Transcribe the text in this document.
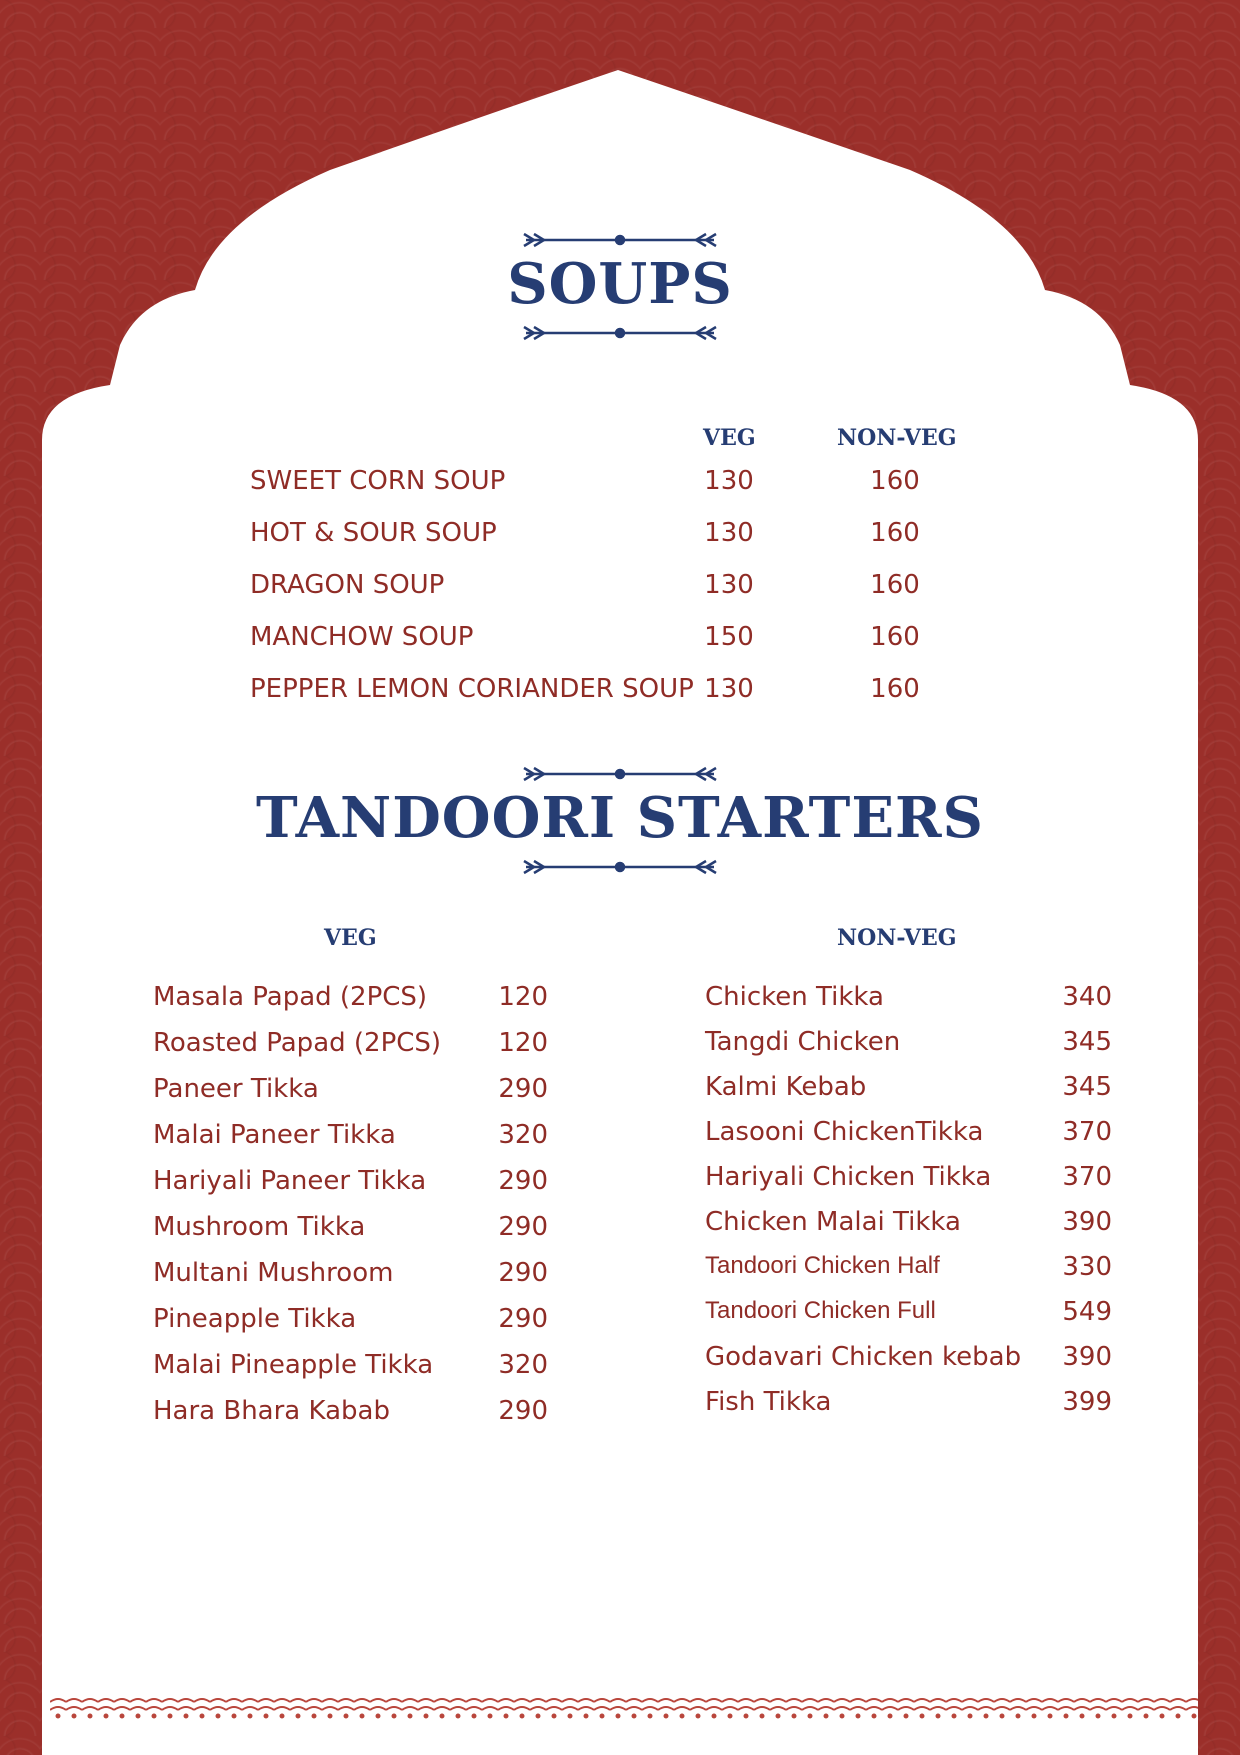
SOUPS
VEG	NON-VEG
SWEET CORN SOUP	130	160
HOT & SOUR SOUP	130	160
DRAGON SOUP	130	160
MANCHOW SOUP	150	160
PEPPER LEMON CORIANDER SOUP 130	160
TANDOORI STARTERS
VEG	NON-VEG
Masala Papad (2PCS)	120
Roasted Papad (2PCS)	120
Paneer Tikka	290
Malai Paneer Tikka	320
Hariyali Paneer Tikka	290
Mushroom Tikka	290
Multani Mushroom	290
Pineapple Tikka	290
Malai Pineapple Tikka	320
Hara Bhara Kabab	290
Chicken Tikka	340
Tangdi Chicken	345
Kalmi Kebab	345
Lasooni ChickenTikka	370
Hariyali Chicken Tikka	370
Chicken Malai Tikka	390
Tandoori Chicken Half	330
Tandoori Chicken Full	549
Godavari Chicken kebab	390
Fish Tikka	399
